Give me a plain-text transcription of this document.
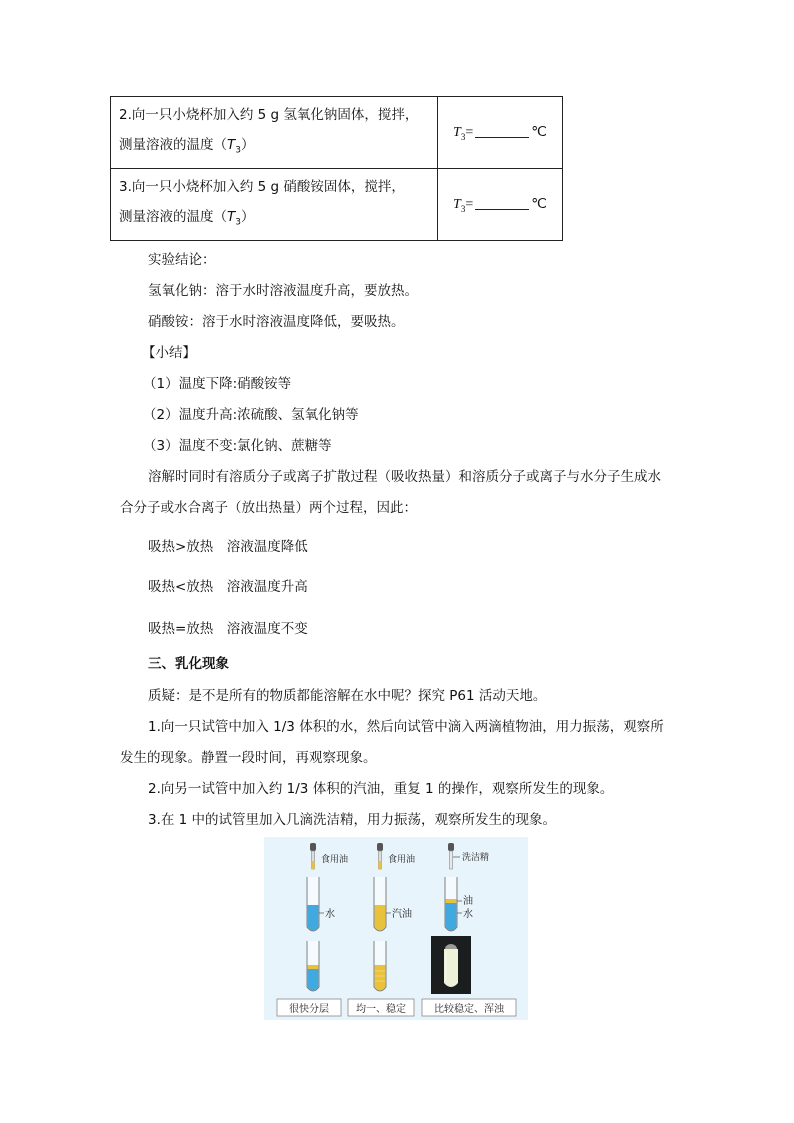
2.向一只小烧杯加入约 5 g 氢氧化钠固体，搅拌，
测量溶液的温度$(T_3)$	$T_3=$ ℃

3.向一只小烧杯加入约 5 g 硝酸铵固体，搅拌，
测量溶液的温度$(T_3)$	$T_3=$ ℃
实验结论：
氢氧化钠：溶于水时溶液温度升高，要放热。
硝酸铵：溶于水时溶液温度降低，要吸热。
【小结】
（1）温度下降:硝酸铵等
（2）温度升高:浓硫酸、氢氧化钠等
（3）温度不变:氯化钠、蔗糖等
溶解时同时有溶质分子或离子扩散过程（吸收热量）和溶质分子或离子与水分子生成水
合分子或水合离子（放出热量）两个过程，因此：
吸热>放热　溶液温度降低
吸热<放热　溶液温度升高
吸热=放热　溶液温度不变
三、乳化现象
质疑：是不是所有的物质都能溶解在水中呢？探究 P61 活动天地。
1.向一只试管中加入 1/3 体积的水，然后向试管中滴入两滴植物油，用力振荡，观察所
发生的现象。静置一段时间，再观察现象。
2.向另一试管中加入约 1/3 体积的汽油，重复 1 的操作，观察所发生的现象。
3.在 1 中的试管里加入几滴洗洁精，用力振荡，观察所发生的现象。
食用油	食用油	洗洁精
水	汽油
油
水
很快分层	均一、稳定	比较稳定、浑浊
